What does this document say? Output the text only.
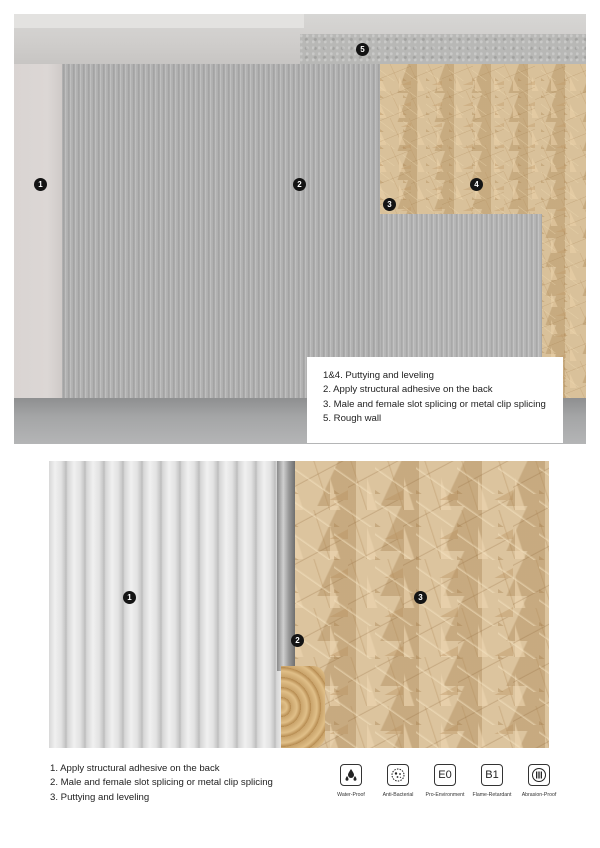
1&4. Puttying and leveling
2. Apply structural adhesive on the back
3. Male and female slot splicing or metal clip splicing
5. Rough wall
1	2
3
4
5
1
2
3
1. Apply structural adhesive on the back
2. Male and female slot splicing or metal clip splicing
3. Puttying and leveling	Water-Proof	Anti-Bacterial
E0
Pro-Environment
B1
Flame-Retardant	Abrasion-Proof
